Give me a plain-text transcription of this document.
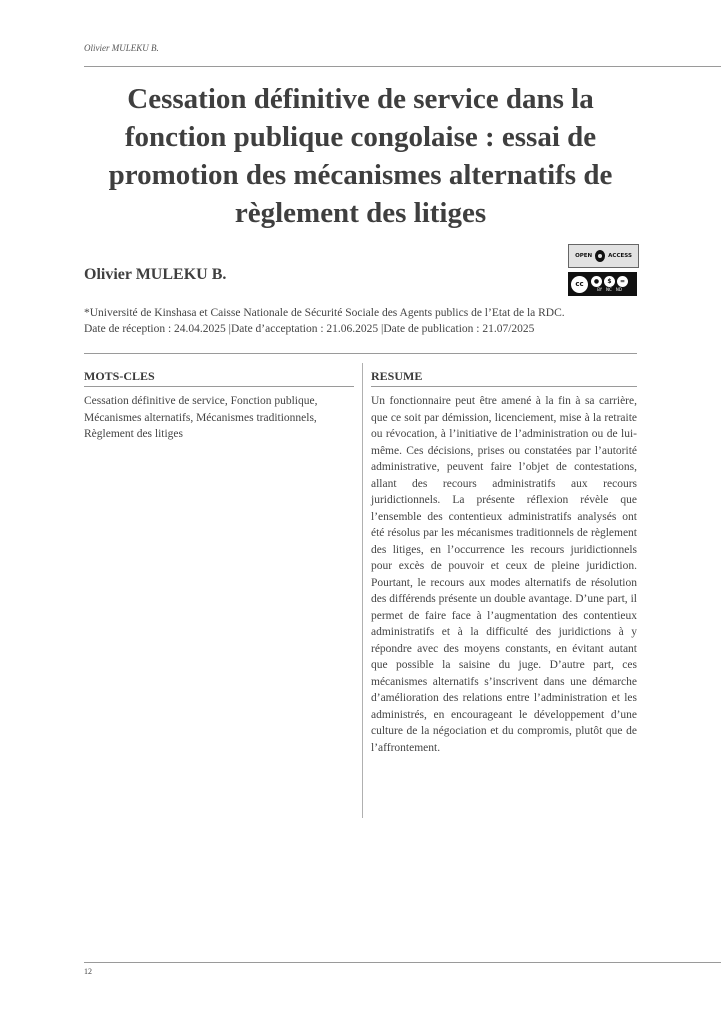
Olivier MULEKU B.
Cessation définitive de service dans la fonction publique congolaise : essai de promotion des mécanismes alternatifs de règlement des litiges
Olivier MULEKU B.
OPEN	ACCESS
cc	●	$	=
BY NC ND
*Université de Kinshasa et Caisse Nationale de Sécurité Sociale des Agents publics de l’Etat de la RDC.
Date de réception : 24.04.2025 |Date d’acceptation : 21.06.2025 |Date de publication : 21.07/2025
MOTS-CLES	RESUME
Cessation définitive de service, Fonction publique, Mécanismes alternatifs, Mécanismes traditionnels, Règlement des litiges

Un fonctionnaire peut être amené à la fin à sa carrière, que ce soit par démission, licenciement, mise à la retraite ou révocation, à l’initiative de l’administration ou de lui-même. Ces décisions, prises ou constatées par l’autorité administrative, peuvent faire l’objet de contestations, allant des recours administratifs aux recours juridictionnels. La présente réflexion révèle que l’ensemble des contentieux administratifs analysés ont été résolus par les mécanismes traditionnels de règlement des litiges, en l’occurrence les recours juridictionnels pour excès de pouvoir et ceux de pleine juridiction. Pourtant, le recours aux modes alternatifs de résolution des différends présente un double avantage. D’une part, il permet de faire face à l’augmentation des contentieux administratifs et à la difficulté des juridictions à y répondre avec des moyens constants, en évitant autant que possible la saisine du juge. D’autre part, ces mécanismes alternatifs s’inscrivent dans une démarche d’amélioration des relations entre l’administration et les administrés, en encourageant le développement d’une culture de la négociation et du compromis, plutôt que de l’affrontement.

12
